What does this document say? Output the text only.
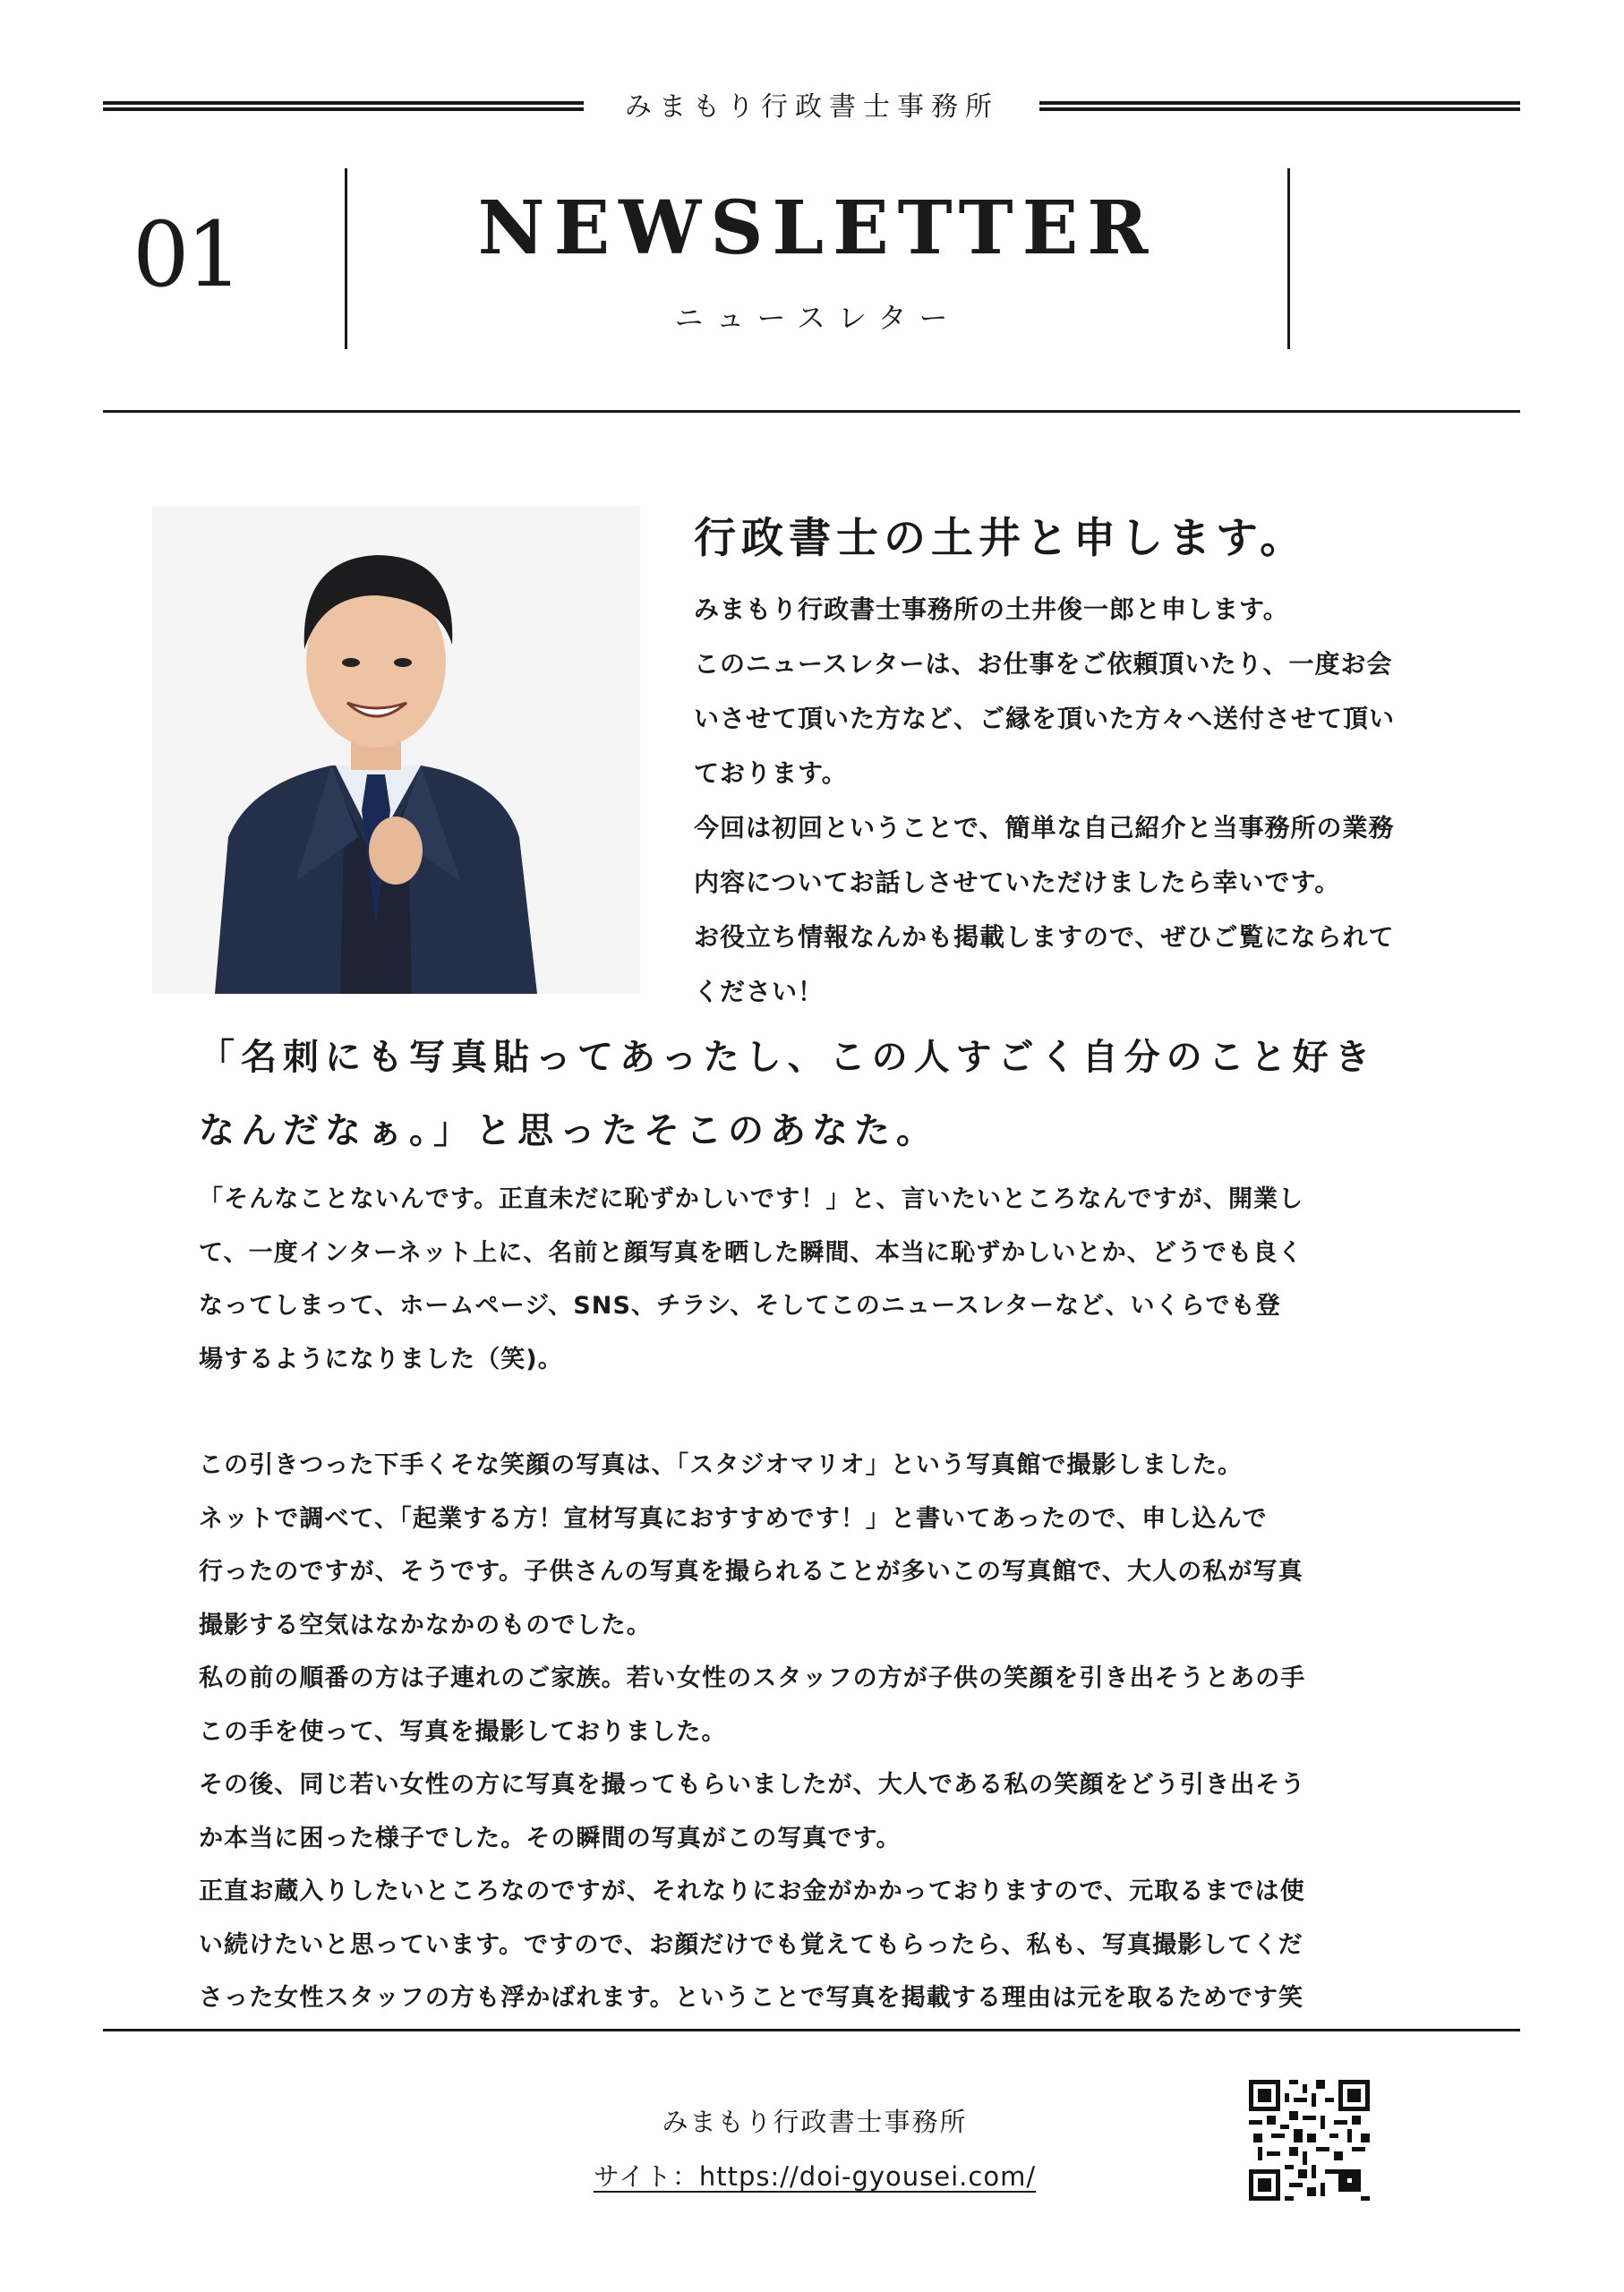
みまもり行政書士事務所
01	NEWSLETTER
ニュースレター
行政書士の土井と申します。
みまもり行政書士事務所の土井俊一郎と申します。
このニュースレターは、お仕事をご依頼頂いたり、一度お会
いさせて頂いた方など、ご縁を頂いた方々へ送付させて頂い
ております。
今回は初回ということで、簡単な自己紹介と当事務所の業務
内容についてお話しさせていただけましたら幸いです。
お役立ち情報なんかも掲載しますので、ぜひご覧になられて
ください！
「名刺にも写真貼ってあったし、この人すごく自分のこと好き
なんだなぁ。」と思ったそこのあなた。
「そんなことないんです。正直未だに恥ずかしいです！」と、言いたいところなんですが、開業し
て、一度インターネット上に、名前と顔写真を晒した瞬間、本当に恥ずかしいとか、どうでも良く
なってしまって、ホームページ、SNS、チラシ、そしてこのニュースレターなど、いくらでも登
場するようになりました（笑)。
この引きつった下手くそな笑顔の写真は、「スタジオマリオ」という写真館で撮影しました。
ネットで調べて、「起業する方！宣材写真におすすめです！」と書いてあったので、申し込んで
行ったのですが、そうです。子供さんの写真を撮られることが多いこの写真館で、大人の私が写真
撮影する空気はなかなかのものでした。
私の前の順番の方は子連れのご家族。若い女性のスタッフの方が子供の笑顔を引き出そうとあの手
この手を使って、写真を撮影しておりました。
その後、同じ若い女性の方に写真を撮ってもらいましたが、大人である私の笑顔をどう引き出そう
か本当に困った様子でした。その瞬間の写真がこの写真です。
正直お蔵入りしたいところなのですが、それなりにお金がかかっておりますので、元取るまでは使
い続けたいと思っています。ですので、お顔だけでも覚えてもらったら、私も、写真撮影してくだ
さった女性スタッフの方も浮かばれます。ということで写真を掲載する理由は元を取るためです笑
みまもり行政書士事務所
サイト：https://doi-gyousei.com/
